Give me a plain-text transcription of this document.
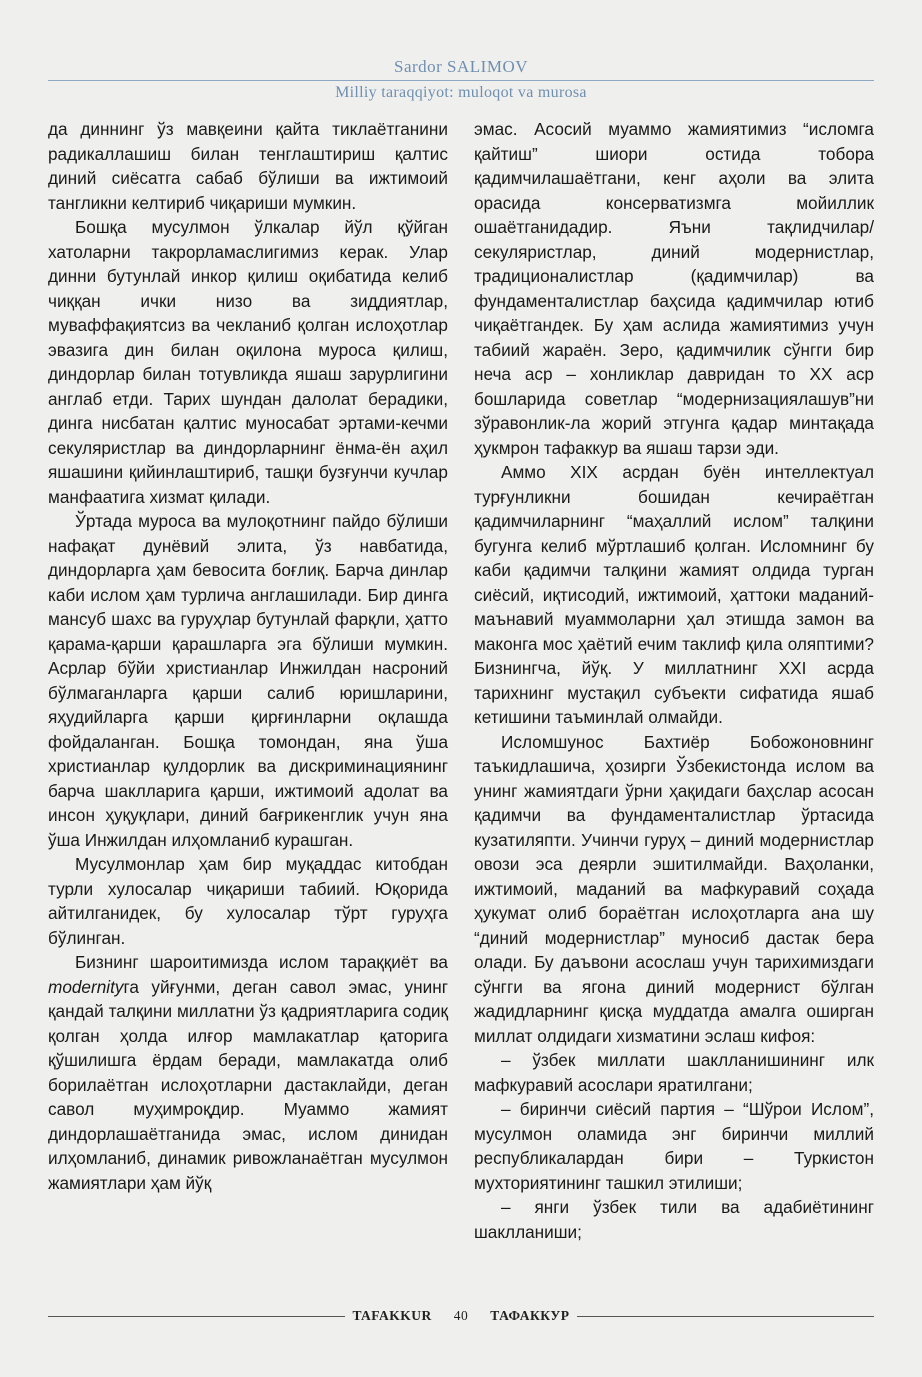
Sardor SALIMOV
Milliy taraqqiyot: muloqot va murosa

да диннинг ўз мавқеини қайта тиклаётганини радикаллашиш билан тенглаштириш қалтис диний сиёсатга сабаб бўлиши ва ижтимоий тангликни келтириб чиқариши мумкин.

Бошқа мусулмон ўлкалар йўл қўйган хатоларни такрорламаслигимиз керак. Улар динни бутунлай инкор қилиш оқибатида келиб чиққан ички низо ва зиддиятлар, муваффақиятсиз ва чекланиб қолган ислоҳотлар эвазига дин билан оқилона муроса қилиш, диндорлар билан тотувликда яшаш зарурлигини англаб етди. Тарих шундан далолат берадики, динга нисбатан қалтис муносабат эртами-кечми секуляристлар ва диндорларнинг ёнма-ён аҳил яшашини қийинлаштириб, ташқи бузғунчи кучлар манфаатига хизмат қилади.

Ўртада муроса ва мулоқотнинг пайдо бўлиши нафақат дунёвий элита, ўз навбатида, диндорларга ҳам бевосита боғлиқ. Барча динлар каби ислом ҳам турлича англашилади. Бир динга мансуб шахс ва гуруҳлар бутунлай фарқли, ҳатто қарама-қарши қарашларга эга бўлиши мумкин. Асрлар бўйи христианлар Инжилдан насроний бўлмаганларга қарши салиб юришларини, яҳудийларга қарши қирғинларни оқлашда фойдаланган. Бошқа томондан, яна ўша христианлар қулдорлик ва дискриминациянинг барча шаклларига қарши, ижтимоий адолат ва инсон ҳуқуқлари, диний бағрикенглик учун яна ўша Инжилдан илҳомланиб курашган.

Мусулмонлар ҳам бир муқаддас китобдан турли хулосалар чиқариши табиий. Юқорида айтилганидек, бу хулосалар тўрт гуруҳга бўлинган.

Бизнинг шароитимизда ислом тараққиёт ва modernityга уйғунми, деган савол эмас, унинг қандай талқини миллатни ўз қадриятларига содиқ қолган ҳолда илғор мамлакатлар қаторига қўшилишга ёрдам беради, мамлакатда олиб борилаётган ислоҳотларни дастаклайди, деган савол муҳимроқдир. Муаммо жамият диндорлашаётганида эмас, ислом динидан илҳомланиб, динамик ривожланаётган мусулмон жамиятлари ҳам йўқ

эмас. Асосий муаммо жамиятимиз “исломга қайтиш” шиори остида тобора қадимчилашаётгани, кенг аҳоли ва элита орасида консерватизмга мойиллик ошаётганидадир. Яъни тақлидчилар/секуляристлар, диний модернистлар, традиционалистлар (қадимчилар) ва фундаменталистлар баҳсида қадимчилар ютиб чиқаётгандек. Бу ҳам аслида жамиятимиз учун табиий жараён. Зеро, қадимчилик сўнгги бир неча аср – хонликлар давридан то XX аср бошларида советлар “модернизациялашув”ни зўравонлик-ла жорий этгунга қадар минтақада ҳукмрон тафаккур ва яшаш тарзи эди.

Аммо XIX асрдан буён интеллектуал турғунликни бошидан кечираётган қадимчиларнинг “маҳаллий ислом” талқини бугунга келиб мўртлашиб қолган. Исломнинг бу каби қадимчи талқини жамият олдида турган сиёсий, иқтисодий, ижтимоий, ҳаттоки маданий-маънавий муаммоларни ҳал этишда замон ва маконга мос ҳаётий ечим таклиф қила оляптими? Бизнингча, йўқ. У миллатнинг XXI асрда тарихнинг мустақил субъекти сифатида яшаб кетишини таъминлай олмайди.

Исломшунос Бахтиёр Бобожоновнинг таъкидлашича, ҳозирги Ўзбекистонда ислом ва унинг жамиятдаги ўрни ҳақидаги баҳслар асосан қадимчи ва фундаменталистлар ўртасида кузатиляпти. Учинчи гуруҳ – диний модернистлар овози эса деярли эшитилмайди. Ваҳоланки, ижтимоий, маданий ва мафкуравий соҳада ҳукумат олиб бораётган ислоҳотларга ана шу “диний модернистлар” муносиб дастак бера олади. Бу даъвони асослаш учун тарихимиздаги сўнгги ва ягона диний модернист бўлган жадидларнинг қисқа муддатда амалга оширган миллат олдидаги хизматини эслаш кифоя:

– ўзбек миллати шаклланишининг илк мафкуравий асослари яратилгани;

– биринчи сиёсий партия – “Шўрои Ислом”, мусулмон оламида энг биринчи миллий республикалардан бири – Туркистон мухториятининг ташкил этилиши;

– янги ўзбек тили ва адабиётининг шаклланиши;

TAFAKKUR	40	ТАФАККУР
